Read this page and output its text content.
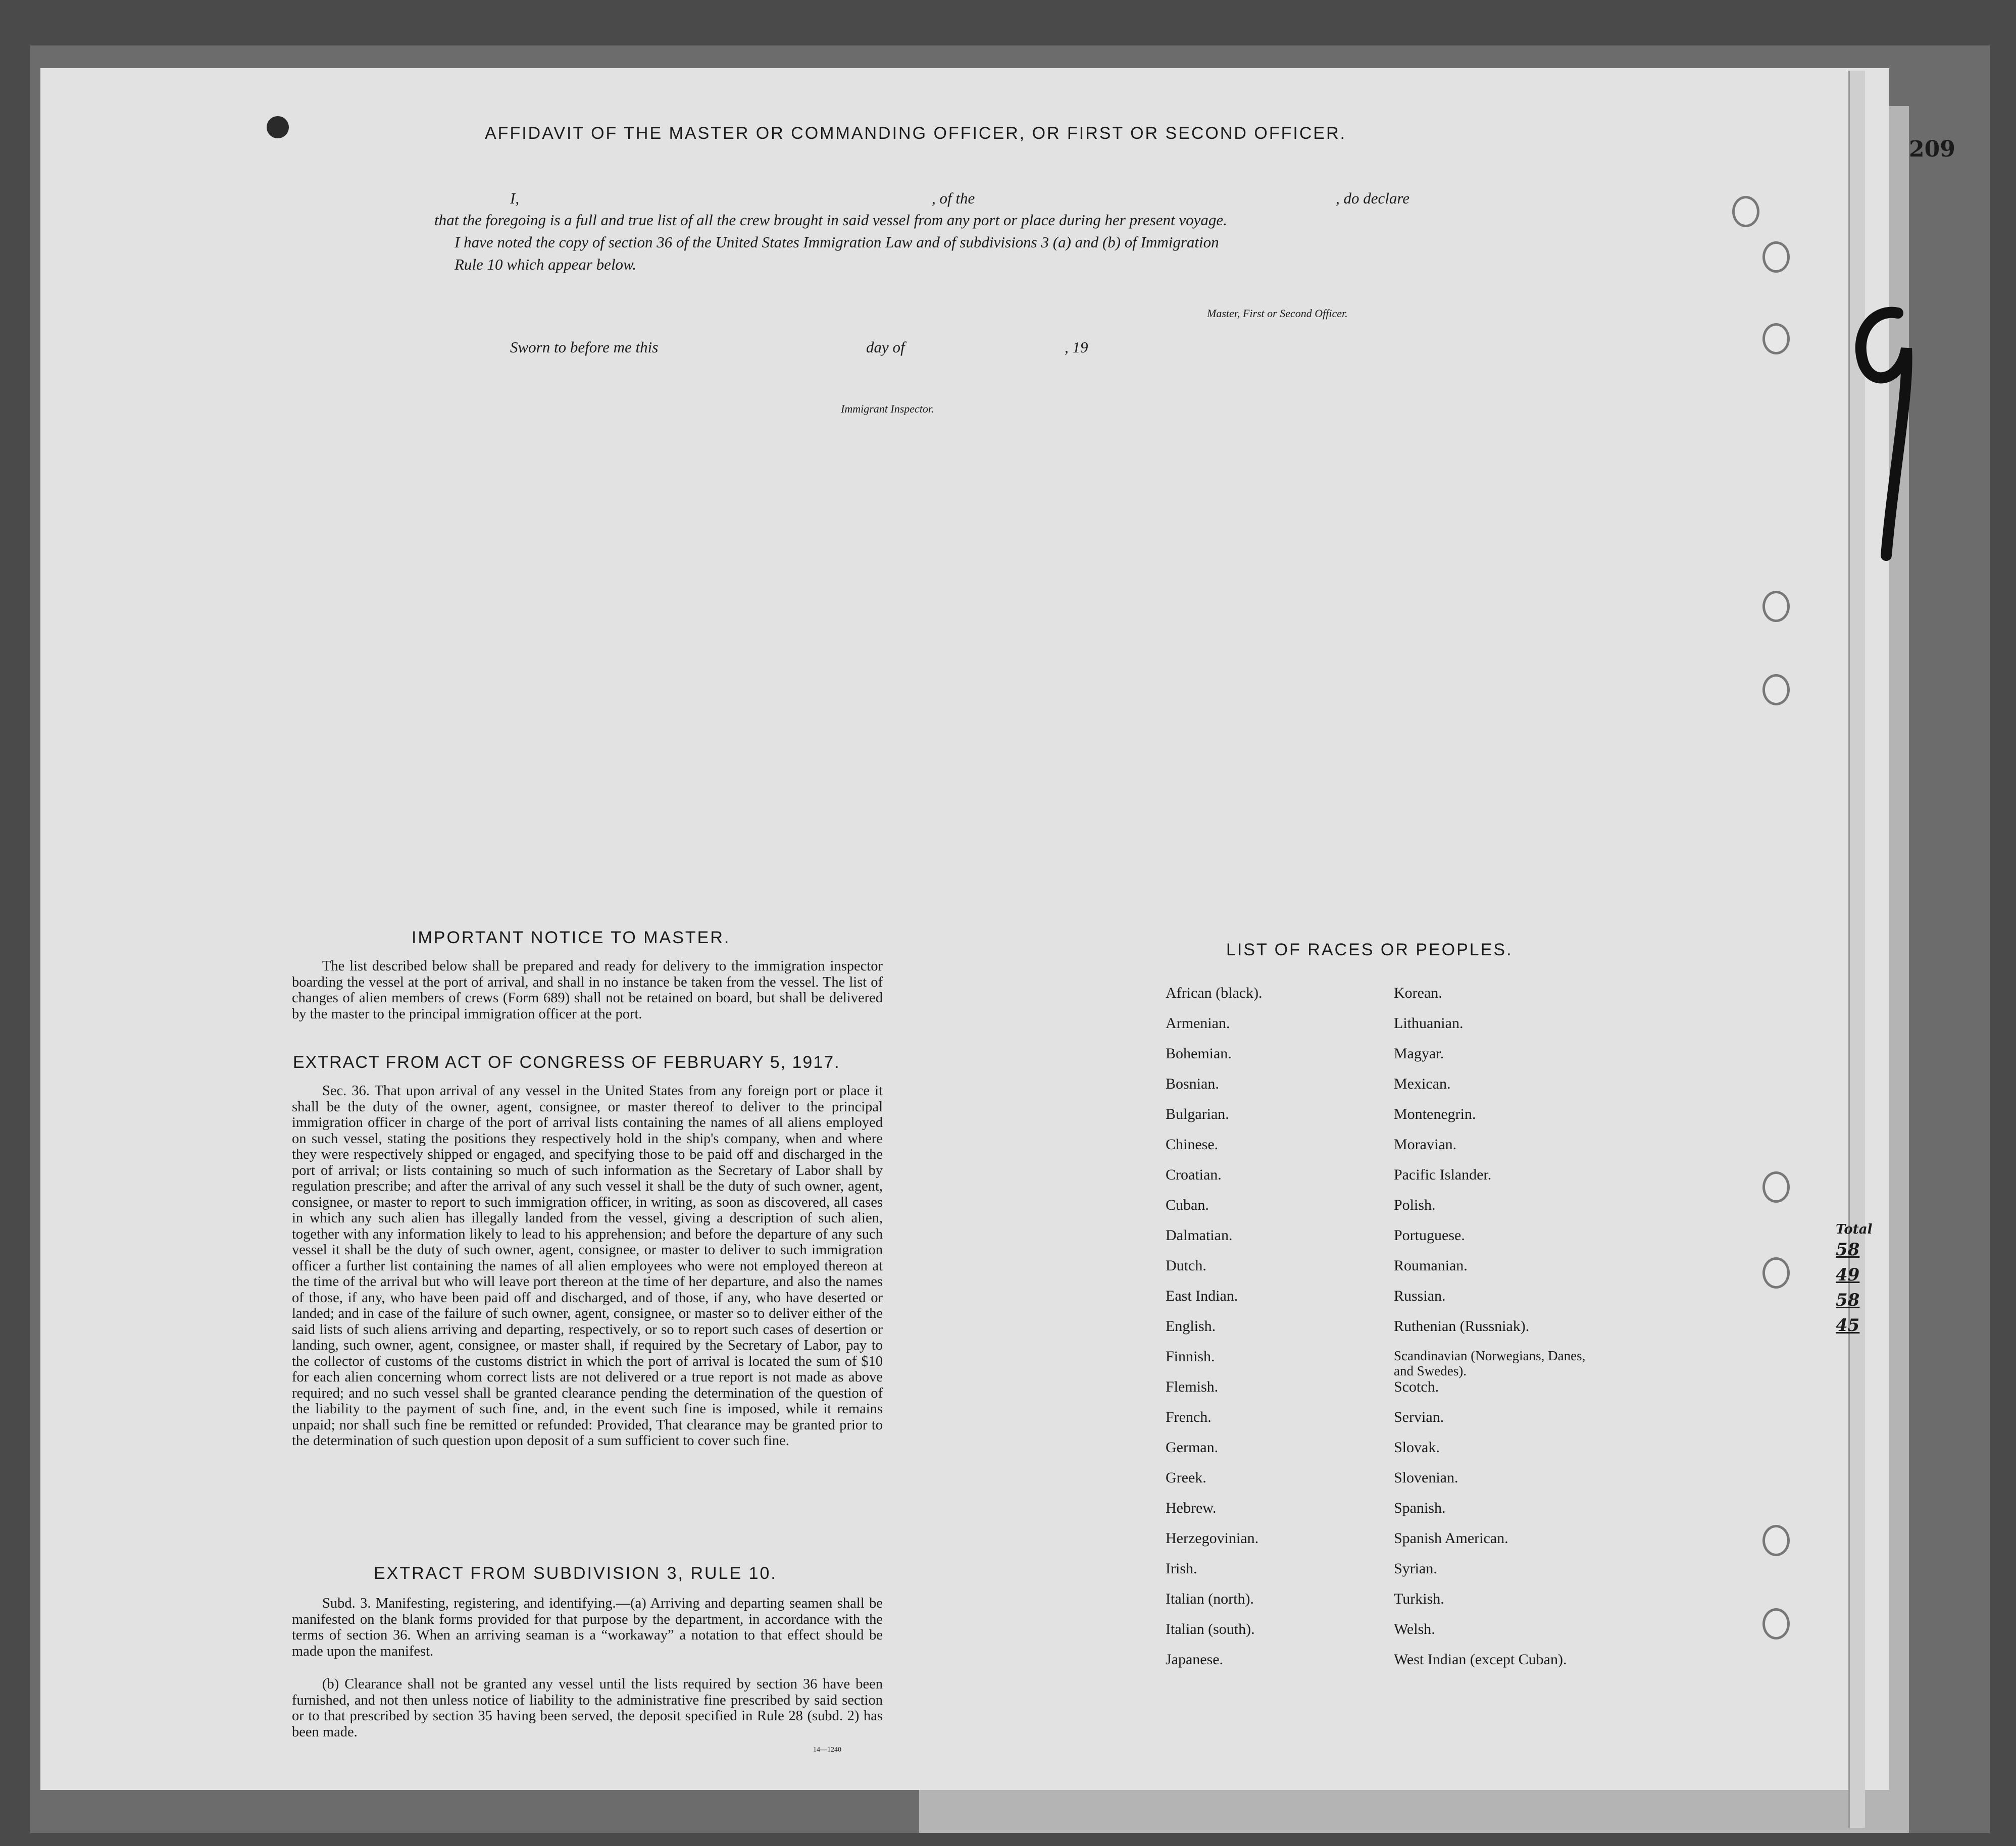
209
AFFIDAVIT OF THE MASTER OR COMMANDING OFFICER, OR FIRST OR SECOND OFFICER.
I,	, of the	, do declare
that the foregoing is a full and true list of all the crew brought in said vessel from any port or place during her present voyage.
I have noted the copy of section 36 of the United States Immigration Law and of subdivisions 3 (a) and (b) of Immigration
Rule 10 which appear below.
Master, First or Second Officer.
Sworn to before me this	day of	, 19
Immigrant Inspector.
IMPORTANT NOTICE TO MASTER.
The list described below shall be prepared and ready for delivery to the immigration inspector boarding the vessel at the port of arrival, and shall in no instance be taken from the vessel. The list of changes of alien members of crews (Form 689) shall not be retained on board, but shall be delivered by the master to the principal immigration officer at the port.
EXTRACT FROM ACT OF CONGRESS OF FEBRUARY 5, 1917.
Sec. 36. That upon arrival of any vessel in the United States from any foreign port or place it shall be the duty of the owner, agent, consignee, or master thereof to deliver to the principal immigration officer in charge of the port of arrival lists containing the names of all aliens employed on such vessel, stating the positions they respectively hold in the ship's company, when and where they were respectively shipped or engaged, and specifying those to be paid off and discharged in the port of arrival; or lists containing so much of such information as the Secretary of Labor shall by regulation prescribe; and after the arrival of any such vessel it shall be the duty of such owner, agent, consignee, or master to report to such immigration officer, in writing, as soon as discovered, all cases in which any such alien has illegally landed from the vessel, giving a description of such alien, together with any information likely to lead to his apprehension; and before the departure of any such vessel it shall be the duty of such owner, agent, consignee, or master to deliver to such immigration officer a further list containing the names of all alien employees who were not employed thereon at the time of the arrival but who will leave port thereon at the time of her departure, and also the names of those, if any, who have been paid off and discharged, and of those, if any, who have deserted or landed; and in case of the failure of such owner, agent, consignee, or master so to deliver either of the said lists of such aliens arriving and departing, respectively, or so to report such cases of desertion or landing, such owner, agent, consignee, or master shall, if required by the Secretary of Labor, pay to the collector of customs of the customs district in which the port of arrival is located the sum of $10 for each alien concerning whom correct lists are not delivered or a true report is not made as above required; and no such vessel shall be granted clearance pending the determination of the question of the liability to the payment of such fine, and, in the event such fine is imposed, while it remains unpaid; nor shall such fine be remitted or refunded: Provided, That clearance may be granted prior to the determination of such question upon deposit of a sum sufficient to cover such fine.
EXTRACT FROM SUBDIVISION 3, RULE 10.
Subd. 3. Manifesting, registering, and identifying.—(a) Arriving and departing seamen shall be manifested on the blank forms provided for that purpose by the department, in accordance with the terms of section 36. When an arriving seaman is a “workaway” a notation to that effect should be made upon the manifest.
(b) Clearance shall not be granted any vessel until the lists required by section 36 have been furnished, and not then unless notice of liability to the administrative fine prescribed by said section or to that prescribed by section 35 having been served, the deposit specified in Rule 28 (subd. 2) has been made.
14—1240
LIST OF RACES OR PEOPLES.
African (black).
Armenian.
Bohemian.
Bosnian.
Bulgarian.
Chinese.
Croatian.
Cuban.
Dalmatian.
Dutch.
East Indian.
English.
Finnish.
Flemish.
French.
German.
Greek.
Hebrew.
Herzegovinian.
Irish.
Italian (north).
Italian (south).
Japanese.
Korean.
Lithuanian.
Magyar.
Mexican.
Montenegrin.
Moravian.
Pacific Islander.
Polish.
Portuguese.
Roumanian.
Russian.
Ruthenian (Russniak).
Scandinavian (Norwegians, Danes, and Swedes).
Scotch.
Servian.
Slovak.
Slovenian.
Spanish.
Spanish American.
Syrian.
Turkish.
Welsh.
West Indian (except Cuban).
Total
58
49
58
45
